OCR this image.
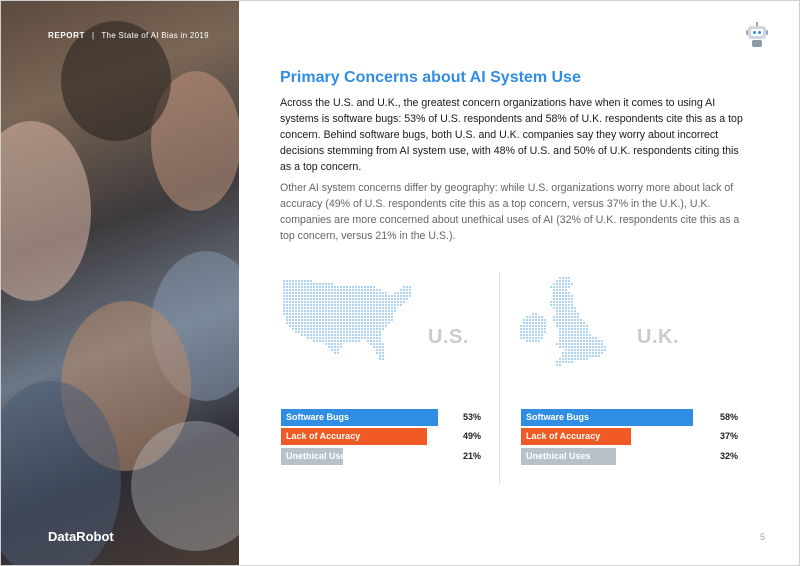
REPORT | The State of AI Bias in 2019
DataRobot
Primary Concerns about AI System Use
Across the U.S. and U.K., the greatest concern organizations have when it comes to using AI systems is software bugs: 53% of U.S. respondents and 58% of U.K. respondents cite this as a top concern. Behind software bugs, both U.S. and U.K. companies say they worry about incorrect decisions stemming from AI system use, with 48% of U.S. and 50% of U.K. respondents citing this as a top concern.
Other AI system concerns differ by geography: while U.S. organizations worry more about lack of accuracy (49% of U.S. respondents cite this as a top concern, versus 37% in the U.K.), U.K. companies are more concerned about unethical uses of AI (32% of U.K. respondents cite this as a top concern, versus 21% in the U.S.).
U.S.	U.K.
Software Bugs	53%
Lack of Accuracy	49%
Unethical Uses	21%
Software Bugs	58%
Lack of Accuracy	37%
Unethical Uses	32%
5
